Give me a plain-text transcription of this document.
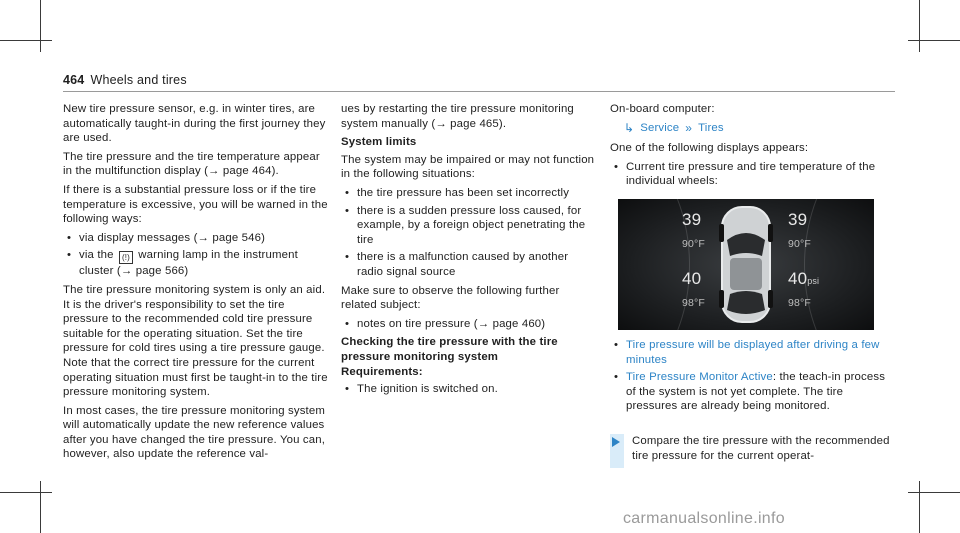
464 Wheels and tires

New tire pressure sensor, e.g. in winter tires, are automatically taught-in during the first journey they are used.

The tire pressure and the tire temperature appear in the multifunction display (→ page 464).

If there is a substantial pressure loss or if the tire temperature is excessive, you will be warned in the following ways:

• via display messages (→ page 546)
• via the (!) warning lamp in the instrument cluster (→ page 566)

The tire pressure monitoring system is only an aid. It is the driver's responsibility to set the tire pressure to the recommended cold tire pressure suitable for the operating situation. Set the tire pressure for cold tires using a tire pressure gauge. Note that the correct tire pressure for the current operating situation must first be taught-in to the tire pressure monitoring system.

In most cases, the tire pressure monitoring system will automatically update the new reference values after you have changed the tire pressure. You can, however, also update the reference val-

ues by restarting the tire pressure monitoring system manually (→ page 465).

System limits

The system may be impaired or may not function in the following situations:

• the tire pressure has been set incorrectly
• there is a sudden pressure loss caused, for example, by a foreign object penetrating the tire
• there is a malfunction caused by another radio signal source

Make sure to observe the following further related subject:

• notes on tire pressure (→ page 460)

Checking the tire pressure with the tire pressure monitoring system

Requirements:

• The ignition is switched on.

On-board computer:

↳ Service » Tires

One of the following displays appears:

• Current tire pressure and tire temperature of the individual wheels:
39
90°F
39
90°F
40
98°F
40psi
98°F
• Tire pressure will be displayed after driving a few minutes
• Tire Pressure Monitor Active: the teach-in process of the system is not yet complete. The tire pressures are already being monitored.
Compare the tire pressure with the recommended tire pressure for the current operat-
carmanualsonline.info
